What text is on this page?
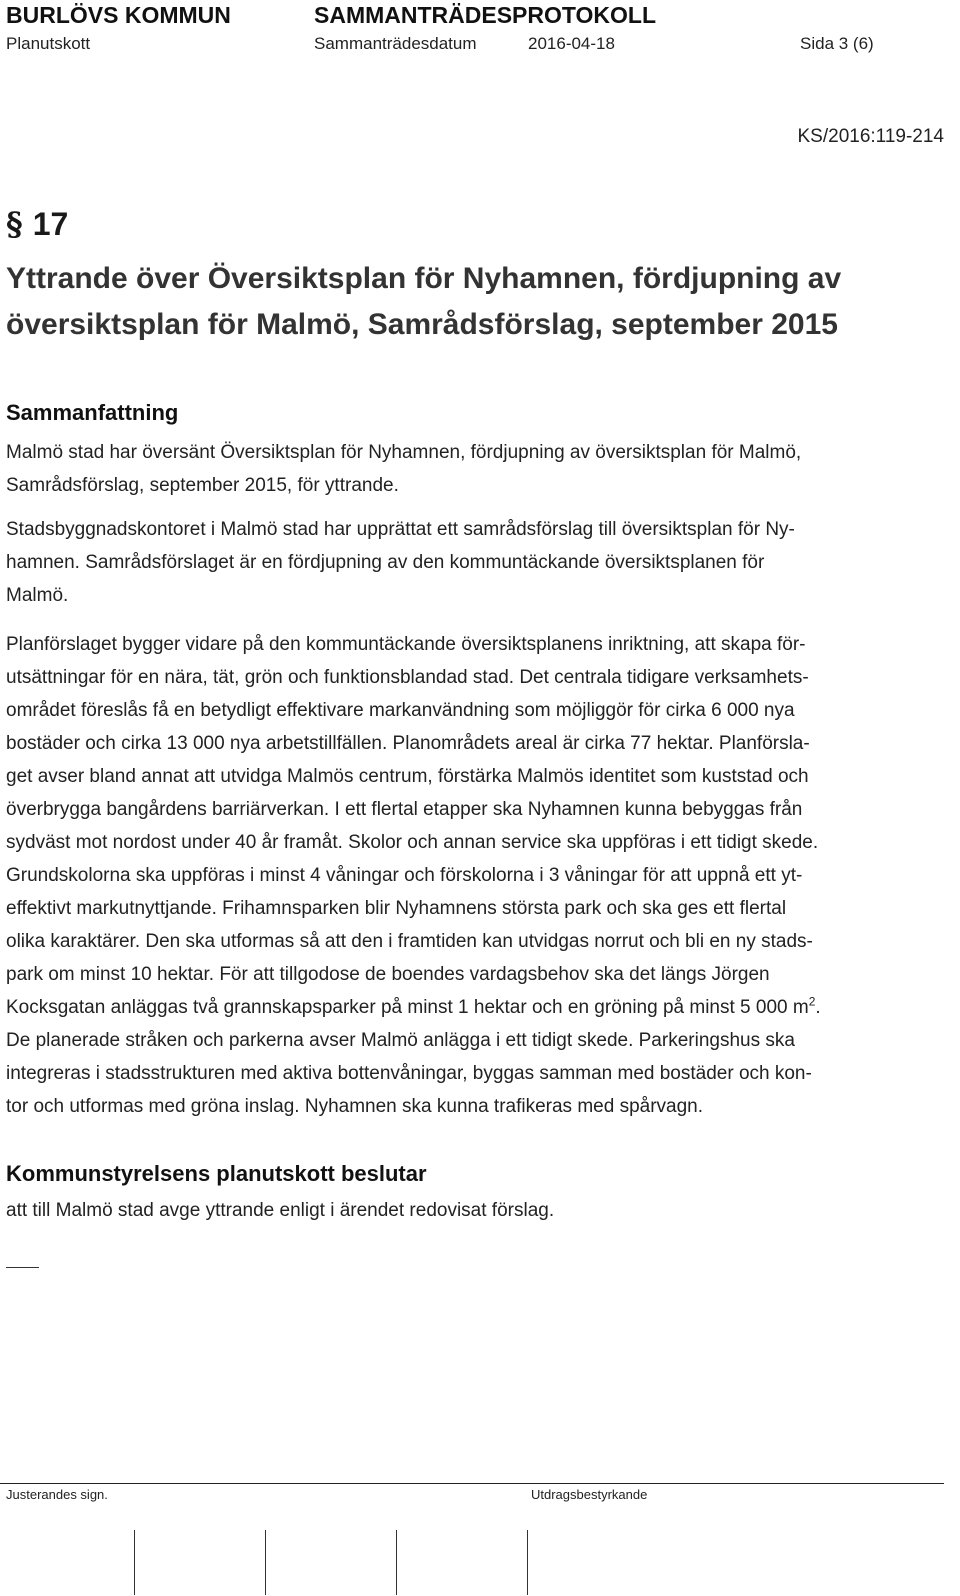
BURLÖVS KOMMUN	SAMMANTRÄDESPROTOKOLL
Planutskott	Sammanträdesdatum	2016-04-18	Sida 3 (6)
KS/2016:119-214
§ 17
Yttrande över Översiktsplan för Nyhamnen, fördjupning av
översiktsplan för Malmö, Samrådsförslag, september 2015
Sammanfattning
Malmö stad har översänt Översiktsplan för Nyhamnen, fördjupning av översiktsplan för Malmö,
Samrådsförslag, september 2015, för yttrande.
Stadsbyggnadskontoret i Malmö stad har upprättat ett samrådsförslag till översiktsplan för Ny-
hamnen. Samrådsförslaget är en fördjupning av den kommuntäckande översiktsplanen för
Malmö.
Planförslaget bygger vidare på den kommuntäckande översiktsplanens inriktning, att skapa för-
utsättningar för en nära, tät, grön och funktionsblandad stad. Det centrala tidigare verksamhets-
området föreslås få en betydligt effektivare markanvändning som möjliggör för cirka 6 000 nya
bostäder och cirka 13 000 nya arbetstillfällen. Planområdets areal är cirka 77 hektar. Planförsla-
get avser bland annat att utvidga Malmös centrum, förstärka Malmös identitet som kuststad och
överbrygga bangårdens barriärverkan. I ett flertal etapper ska Nyhamnen kunna bebyggas från
sydväst mot nordost under 40 år framåt. Skolor och annan service ska uppföras i ett tidigt skede.
Grundskolorna ska uppföras i minst 4 våningar och förskolorna i 3 våningar för att uppnå ett yt-
effektivt markutnyttjande. Frihamnsparken blir Nyhamnens största park och ska ges ett flertal
olika karaktärer. Den ska utformas så att den i framtiden kan utvidgas norrut och bli en ny stads-
park om minst 10 hektar. För att tillgodose de boendes vardagsbehov ska det längs Jörgen
Kocksgatan anläggas två grannskapsparker på minst 1 hektar och en gröning på minst 5 000 $m^2$.
De planerade stråken och parkerna avser Malmö anlägga i ett tidigt skede. Parkeringshus ska
integreras i stadsstrukturen med aktiva bottenvåningar, byggas samman med bostäder och kon-
tor och utformas med gröna inslag. Nyhamnen ska kunna trafikeras med spårvagn.
Kommunstyrelsens planutskott beslutar
att till Malmö stad avge yttrande enligt i ärendet redovisat förslag.
Justerandes sign.	Utdragsbestyrkande
